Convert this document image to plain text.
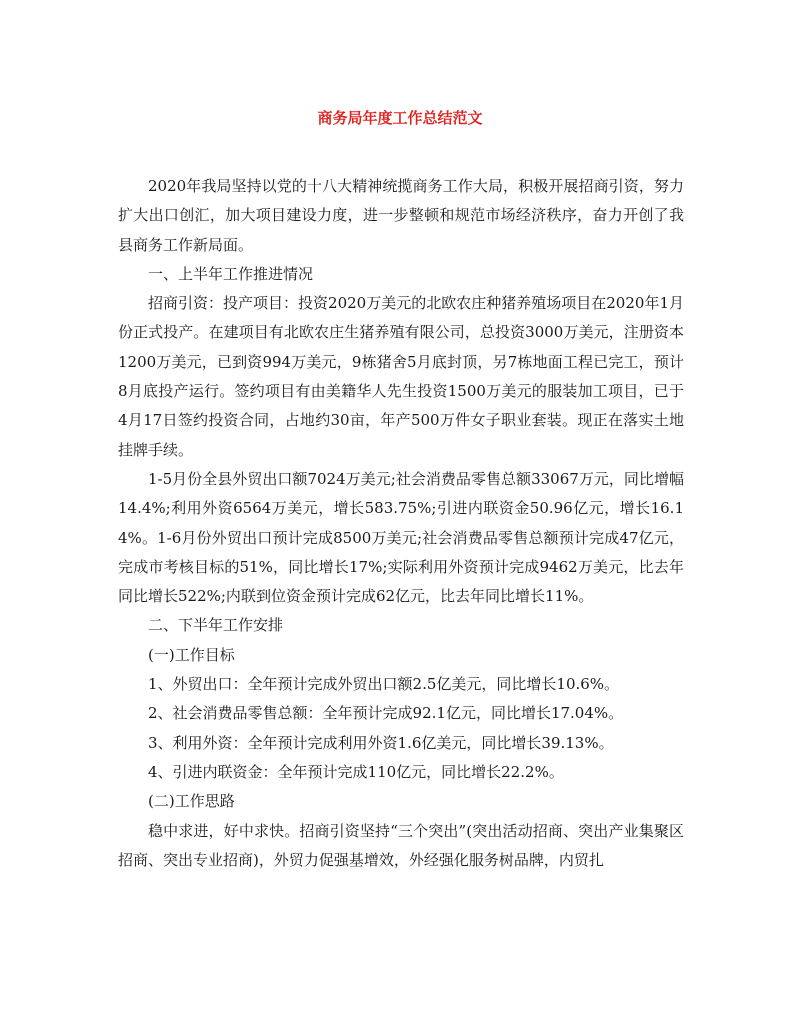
商务局年度工作总结范文

2020年我局坚持以党的十八大精神统揽商务工作大局，积极开展招商引资，努力扩大出口创汇，加大项目建设力度，进一步整顿和规范市场经济秩序，奋力开创了我县商务工作新局面。

一、上半年工作推进情况

招商引资：投产项目：投资2020万美元的北欧农庄种猪养殖场项目在2020年1月份正式投产。在建项目有北欧农庄生猪养殖有限公司，总投资3000万美元，注册资本1200万美元，已到资994万美元，9栋猪舍5月底封顶，另7栋地面工程已完工，预计8月底投产运行。签约项目有由美籍华人先生投资1500万美元的服装加工项目，已于4月17日签约投资合同，占地约30亩，年产500万件女子职业套装。现正在落实土地挂牌手续。

1-5月份全县外贸出口额7024万美元;社会消费品零售总额33067万元，同比增幅14.4%;利用外资6564万美元，增长583.75%;引进内联资金50.96亿元，增长16.14%。1-6月份外贸出口预计完成8500万美元;社会消费品零售总额预计完成47亿元，完成市考核目标的51%，同比增长17%;实际利用外资预计完成9462万美元，比去年同比增长522%;内联到位资金预计完成62亿元，比去年同比增长11%。

二、下半年工作安排

(一)工作目标

1、外贸出口：全年预计完成外贸出口额2.5亿美元，同比增长10.6%。

2、社会消费品零售总额：全年预计完成92.1亿元，同比增长17.04%。

3、利用外资：全年预计完成利用外资1.6亿美元，同比增长39.13%。

4、引进内联资金：全年预计完成110亿元，同比增长22.2%。

(二)工作思路

稳中求进，好中求快。招商引资坚持“三个突出”(突出活动招商、突出产业集聚区招商、突出专业招商)，外贸力促强基增效，外经强化服务树品牌，内贸扎
